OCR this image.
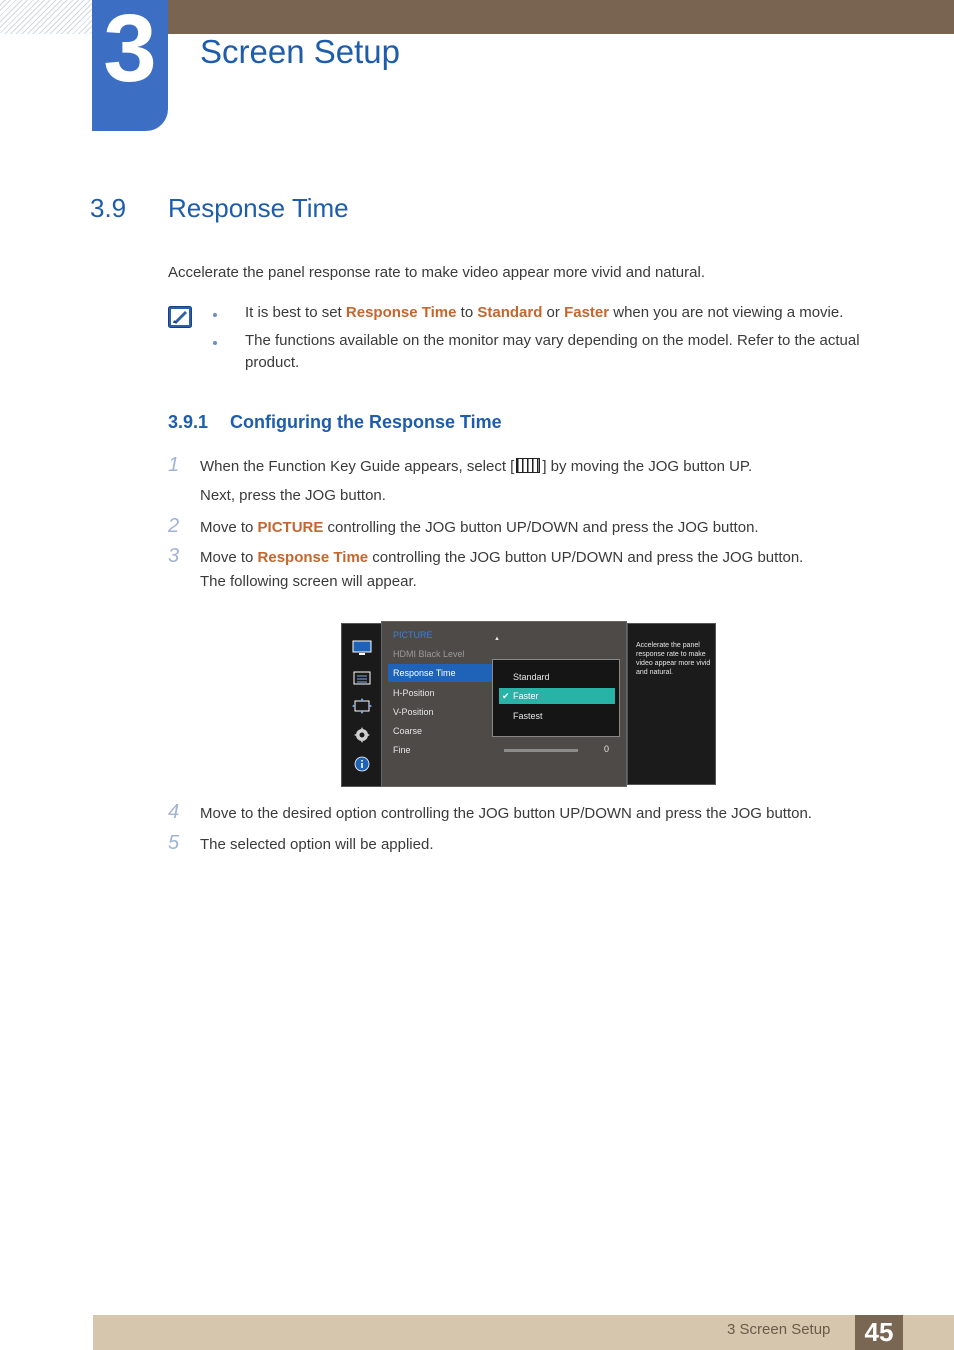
3	Screen Setup
3.9 Response Time
Accelerate the panel response rate to make video appear more vivid and natural.
It is best to set Response Time to Standard or Faster when you are not viewing a movie.
The functions available on the monitor may vary depending on the model. Refer to the actual
product.
3.9.1 Configuring the Response Time
1 When the Function Key Guide appears, select [ ] by moving the JOG button UP.
Next, press the JOG button.
2 Move to PICTURE controlling the JOG button UP/DOWN and press the JOG button.
3 Move to Response Time controlling the JOG button UP/DOWN and press the JOG button.
The following screen will appear.
PICTURE	▲
HDMI Black Level
Response Time
H-Position
V-Position
Coarse
Fine
Standard
✔ Faster
Fastest
0
Accelerate the panel response rate to make video appear more vivid and natural.
4 Move to the desired option controlling the JOG button UP/DOWN and press the JOG button.
5 The selected option will be applied.
3 Screen Setup	45
